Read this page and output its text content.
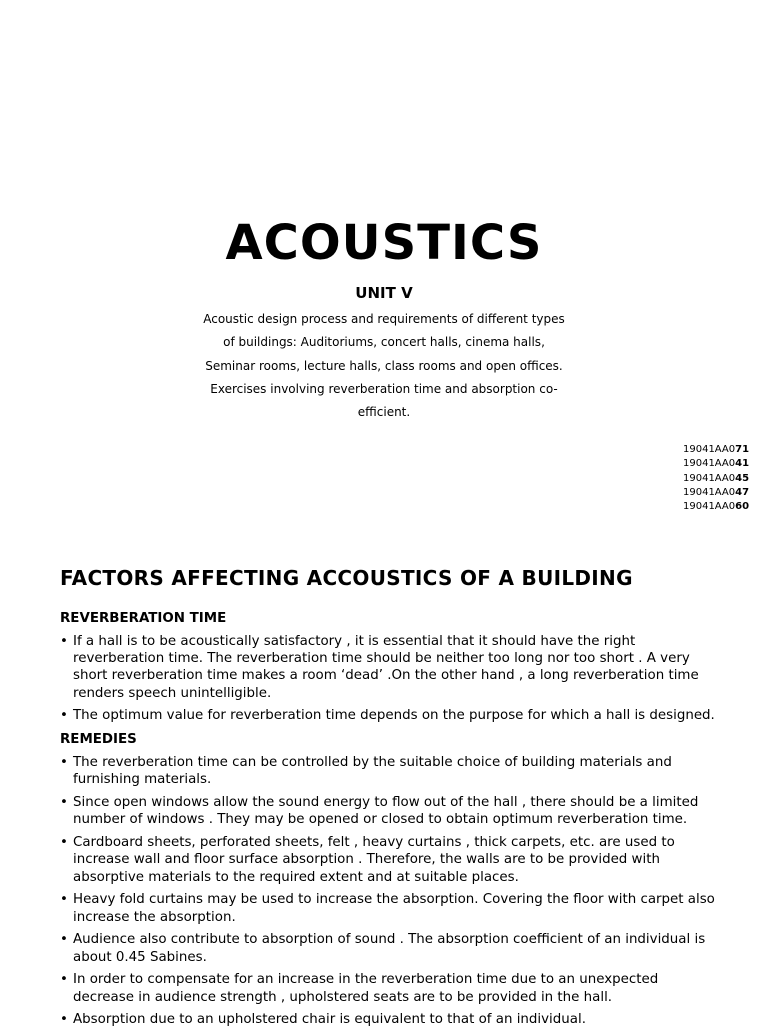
ACOUSTICS
UNIT V

Acoustic design process and requirements of different types of buildings: Auditoriums, concert halls, cinema halls, Seminar rooms, lecture halls, class rooms and open offices. Exercises involving reverberation time and absorption co-efficient.

19041AA071
19041AA041
19041AA045
19041AA047
19041AA060
FACTORS AFFECTING ACCOUSTICS OF A BUILDING
REVERBERATION TIME
• If a hall is to be acoustically satisfactory , it is essential that it should have the right reverberation time. The reverberation time should be neither too long nor too short . A very short reverberation time makes a room ‘dead’ .On the other hand , a long reverberation time renders speech unintelligible.
• The optimum value for reverberation time depends on the purpose for which a hall is designed.
REMEDIES
• The reverberation time can be controlled by the suitable choice of building materials and furnishing materials.
• Since open windows allow the sound energy to flow out of the hall , there should be a limited number of windows . They may be opened or closed to obtain optimum reverberation time.
• Cardboard sheets, perforated sheets, felt , heavy curtains , thick carpets, etc. are used to increase wall and floor surface absorption . Therefore, the walls are to be provided with absorptive materials to the required extent and at suitable places.
• Heavy fold curtains may be used to increase the absorption. Covering the floor with carpet also increase the absorption.
• Audience also contribute to absorption of sound . The absorption coefficient of an individual is about 0.45 Sabines.
• In order to compensate for an increase in the reverberation time due to an unexpected decrease in audience strength , upholstered seats are to be provided in the hall.
• Absorption due to an upholstered chair is equivalent to that of an individual.
